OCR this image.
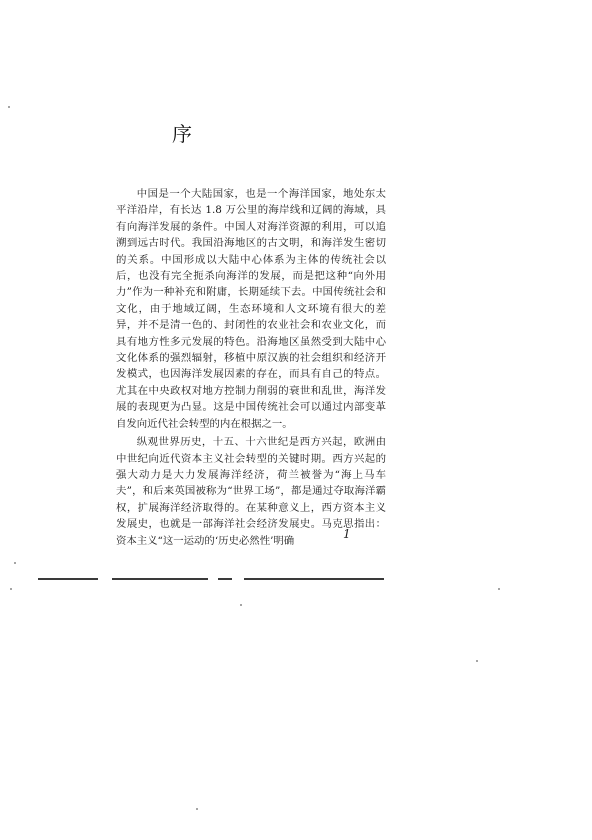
序

中国是一个大陆国家，也是一个海洋国家，地处东太平洋沿岸，有长达 1.8 万公里的海岸线和辽阔的海域，具有向海洋发展的条件。中国人对海洋资源的利用，可以追溯到远古时代。我国沿海地区的古文明，和海洋发生密切的关系。中国形成以大陆中心体系为主体的传统社会以后，也没有完全扼杀向海洋的发展，而是把这种“向外用力”作为一种补充和附庸，长期延续下去。中国传统社会和文化，由于地域辽阔，生态环境和人文环境有很大的差异，并不是清一色的、封闭性的农业社会和农业文化，而具有地方性多元发展的特色。沿海地区虽然受到大陆中心文化体系的强烈辐射，移植中原汉族的社会组织和经济开发模式，也因海洋发展因素的存在，而具有自己的特点。尤其在中央政权对地方控制力削弱的衰世和乱世，海洋发展的表现更为凸显。这是中国传统社会可以通过内部变革自发向近代社会转型的内在根据之一。

纵观世界历史，十五、十六世纪是西方兴起，欧洲由中世纪向近代资本主义社会转型的关键时期。西方兴起的强大动力是大力发展海洋经济，荷兰被誉为“海上马车夫”，和后来英国被称为“世界工场”，都是通过夺取海洋霸权，扩展海洋经济取得的。在某种意义上，西方资本主义发展史，也就是一部海洋社会经济发展史。马克思指出：资本主义“这一运动的‘历史必然性’明确	1
